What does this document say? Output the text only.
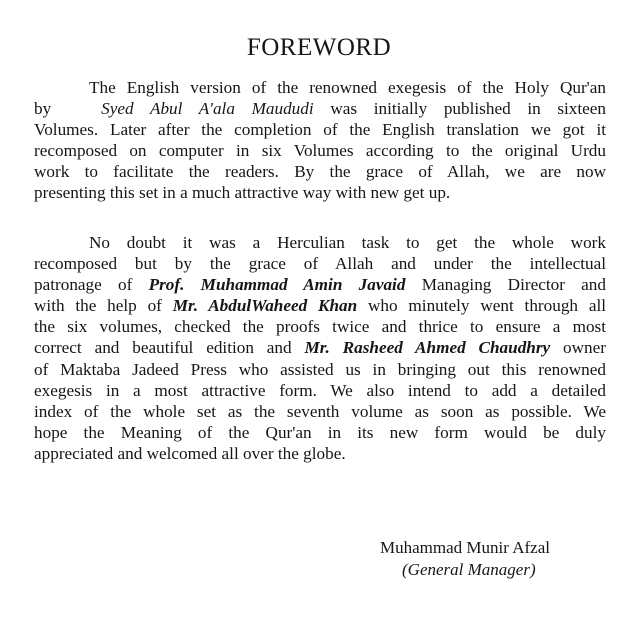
FOREWORD
The English version of the renowned exegesis of the Holy Qur'an
by	Syed Abul A'ala Maududi was initially published in sixteen
Volumes. Later after the completion of the English translation we got it
recomposed on computer in six Volumes according to the original Urdu
work to facilitate the readers. By the grace of Allah, we are now
presenting this set in a much attractive way with new get up.
No doubt it was a Herculian task to get the whole work
recomposed but by the grace of Allah and under the intellectual
patronage of Prof. Muhammad Amin Javaid Managing Director and
with the help of Mr. AbdulWaheed Khan who minutely went through all
the six volumes, checked the proofs twice and thrice to ensure a most
correct and beautiful edition and Mr. Rasheed Ahmed Chaudhry owner
of Maktaba Jadeed Press who assisted us in bringing out this renowned
exegesis in a most attractive form. We also intend to add a detailed
index of the whole set as the seventh volume as soon as possible. We
hope the Meaning of the Qur'an in its new form would be duly
appreciated and welcomed all over the globe.
Muhammad Munir Afzal
(General Manager)
